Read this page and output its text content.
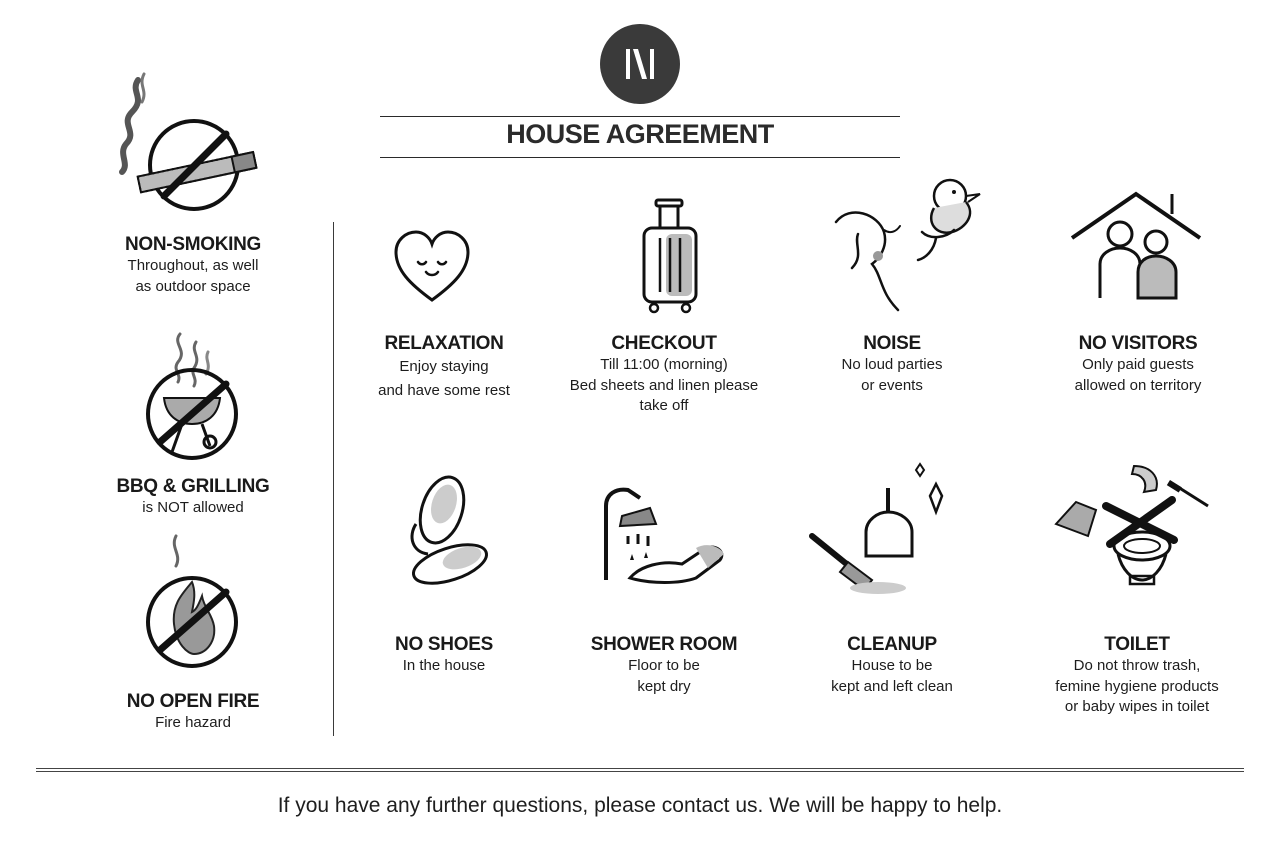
HOUSE AGREEMENT
NON-SMOKING
Throughout, as well
as outdoor space
BBQ & GRILLING
is NOT allowed
NO OPEN FIRE
Fire hazard
RELAXATION
Enjoy staying
and have some rest
CHECKOUT
Till 11:00 (morning)
Bed sheets and linen please
take off
NOISE
No loud parties
or events
NO VISITORS
Only paid guests
allowed on territory
NO SHOES
In the house
SHOWER ROOM
Floor to be
kept dry
CLEANUP
House to be
kept and left clean
TOILET
Do not throw trash,
femine hygiene products
or baby wipes in toilet
If you have any further questions, please contact us. We will be happy to help.
